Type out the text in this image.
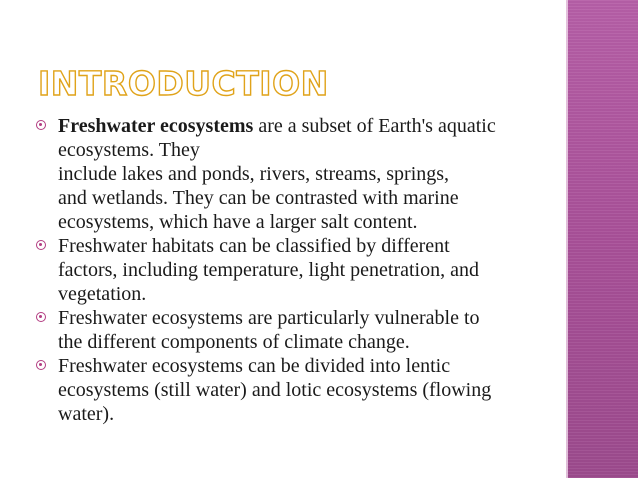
INTRODUCTION
Freshwater ecosystems are a subset of Earth's aquatic
ecosystems. They
include lakes and ponds, rivers, streams, springs,
and wetlands. They can be contrasted with marine
ecosystems, which have a larger salt content.
Freshwater habitats can be classified by different
factors, including temperature, light penetration, and
vegetation.
Freshwater ecosystems are particularly vulnerable to
the different components of climate change.
Freshwater ecosystems can be divided into lentic
ecosystems (still water) and lotic ecosystems (flowing
water).
